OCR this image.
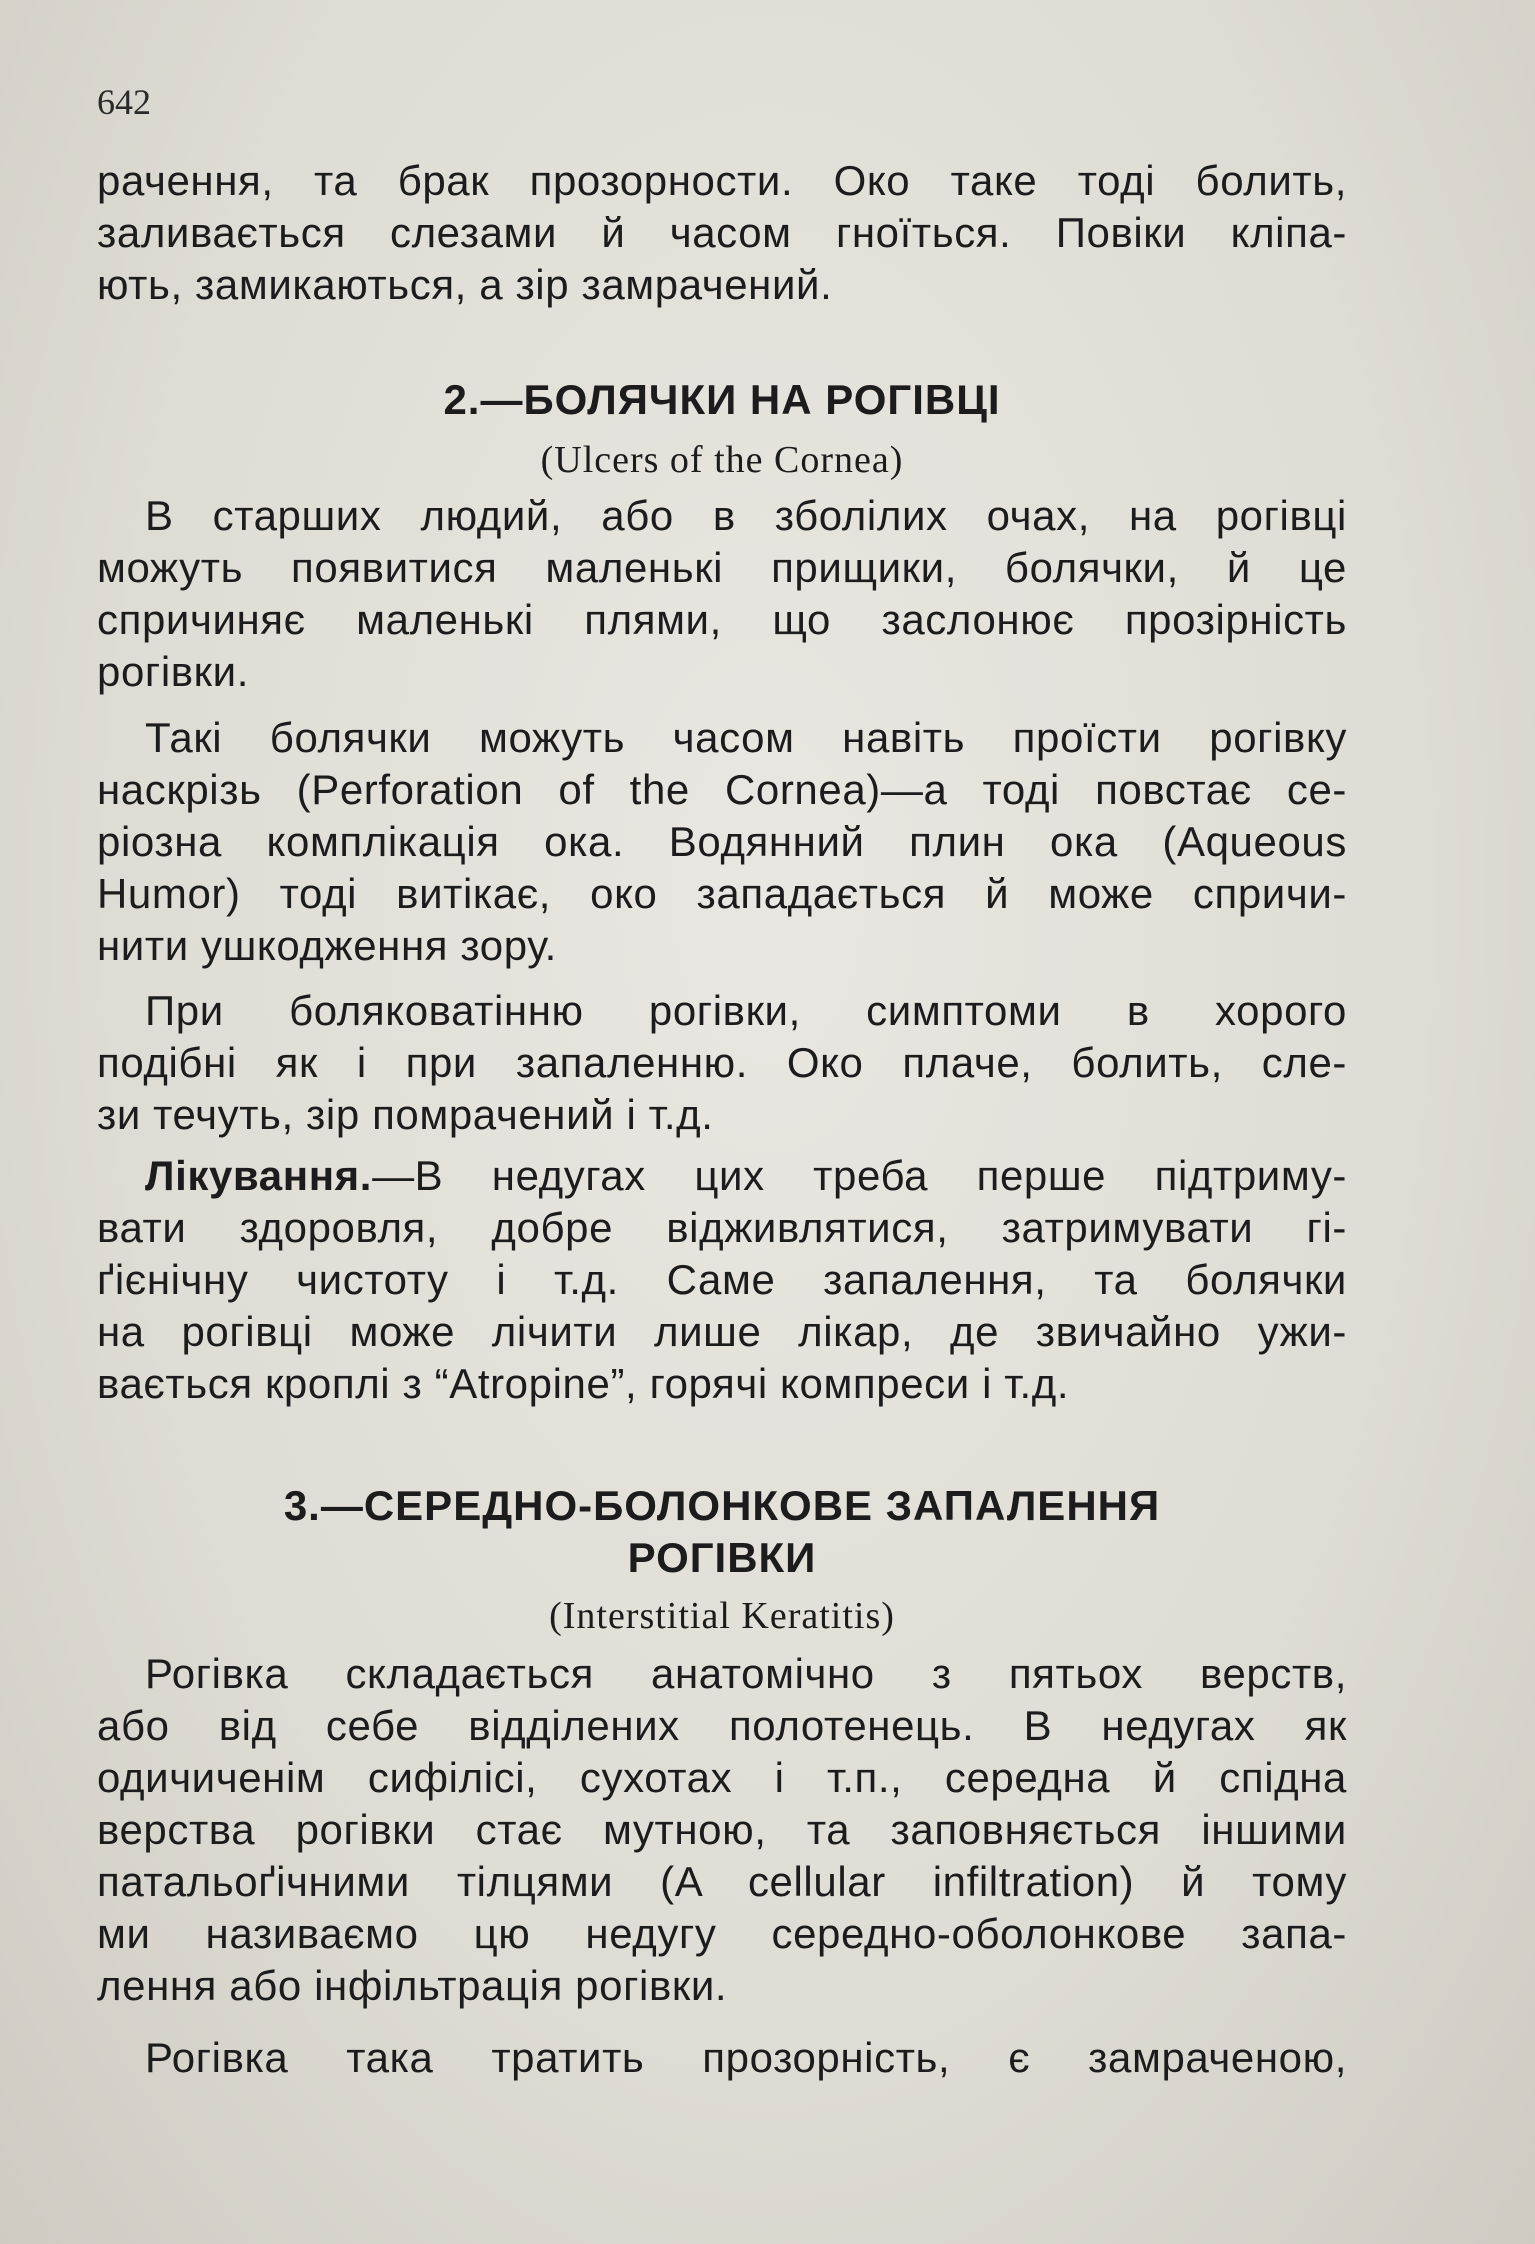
642
рачення, та брак прозорности. Око таке тоді болить,
заливається слезами й часом гноїться. Повіки кліпа-
ють, замикаються, а зір замрачений.
2.—БОЛЯЧКИ НА РОГІВЦІ
(Ulcers of the Cornea)
В старших людий, або в зболілих очах, на рогівці
можуть появитися маленькі прищики, болячки, й це
спричиняє маленькі плями, що заслонює прозірність
рогівки.
Такі болячки можуть часом навіть проїсти рогівку
наскрізь (Perforation of the Cornea)—а тоді повстає се-
ріозна комплікація ока. Водянний плин ока (Aqueous
Humor) тоді витікає, око западається й може спричи-
нити ушкодження зору.
При боляковатінню рогівки, симптоми в хорого
подібні як і при запаленню. Око плаче, болить, сле-
зи течуть, зір помрачений і т.д.
Лікування.—В недугах цих треба перше підтриму-
вати здоровля, добре відживлятися, затримувати гі-
ґієнічну чистоту і т.д. Саме запалення, та болячки
на рогівці може лічити лише лікар, де звичайно ужи-
вається кроплі з “Atropine”, горячі компреси і т.д.
3.—СЕРЕДНО-БОЛОНКОВЕ ЗАПАЛЕННЯ
РОГІВКИ
(Interstitial Keratitis)
Рогівка складається анатомічно з пятьох верств,
або від себе відділених полотенець. В недугах як
одичиченім сифілісі, сухотах і т.п., середна й спідна
верства рогівки стає мутною, та заповняється іншими
патальоґічними тілцями (A cellular infiltration) й тому
ми називаємо цю недугу середно-оболонкове запа-
лення або інфільтрація рогівки.
Рогівка така тратить прозорність, є замраченою,
